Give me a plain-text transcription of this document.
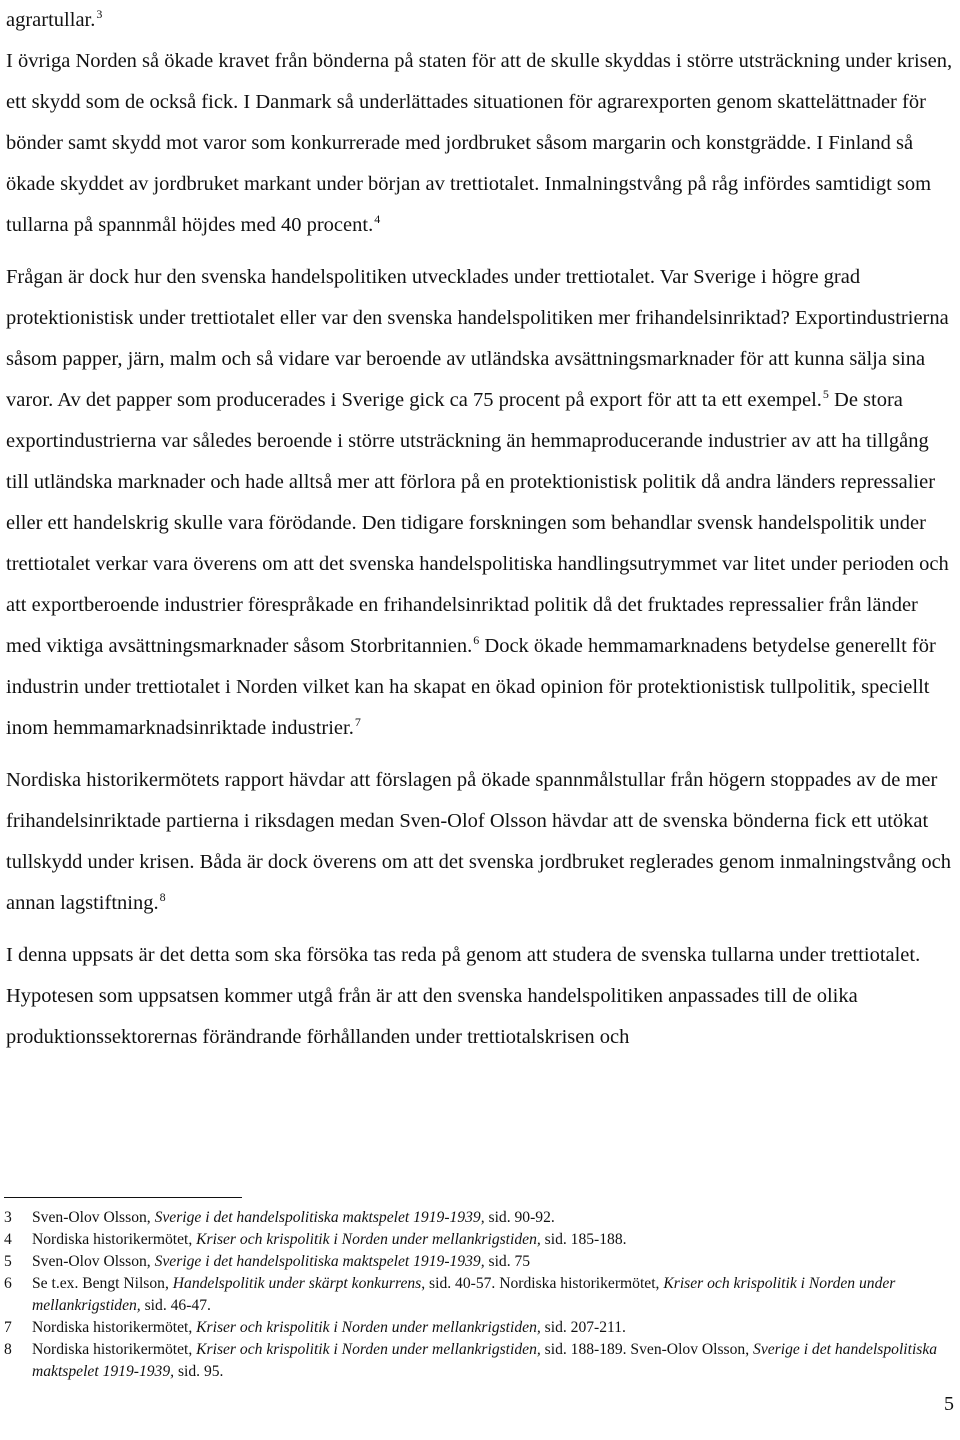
agrartullar.$^3$

I övriga Norden så ökade kravet från bönderna på staten för att de skulle skyddas i större utsträckning under krisen, ett skydd som de också fick. I Danmark så underlättades situationen för agrarexporten genom skattelättnader för bönder samt skydd mot varor som konkurrerade med jordbruket såsom margarin och konstgrädde. I Finland så ökade skyddet av jordbruket markant under början av trettiotalet. Inmalningstvång på råg infördes samtidigt som tullarna på spannmål höjdes med 40 procent.$^4$

Frågan är dock hur den svenska handelspolitiken utvecklades under trettiotalet. Var Sverige i högre grad protektionistisk under trettiotalet eller var den svenska handelspolitiken mer frihandelsinriktad? Exportindustrierna såsom papper, järn, malm och så vidare var beroende av utländska avsättningsmarknader för att kunna sälja sina varor. Av det papper som producerades i Sverige gick ca 75 procent på export för att ta ett exempel.$^5$ De stora exportindustrierna var således beroende i större utsträckning än hemmaproducerande industrier av att ha tillgång till utländska marknader och hade alltså mer att förlora på en protektionistisk politik då andra länders repressalier eller ett handelskrig skulle vara förödande. Den tidigare forskningen som behandlar svensk handelspolitik under trettiotalet verkar vara överens om att det svenska handelspolitiska handlingsutrymmet var litet under perioden och att exportberoende industrier förespråkade en frihandelsinriktad politik då det fruktades repressalier från länder med viktiga avsättningsmarknader såsom Storbritannien.$^6$ Dock ökade hemmamarknadens betydelse generellt för industrin under trettiotalet i Norden vilket kan ha skapat en ökad opinion för protektionistisk tullpolitik, speciellt inom hemmamarknadsinriktade industrier.$^7$

Nordiska historikermötets rapport hävdar att förslagen på ökade spannmålstullar från högern stoppades av de mer frihandelsinriktade partierna i riksdagen medan Sven-Olof Olsson hävdar att de svenska bönderna fick ett utökat tullskydd under krisen. Båda är dock överens om att det svenska jordbruket reglerades genom inmalningstvång och annan lagstiftning.$^8$

I denna uppsats är det detta som ska försöka tas reda på genom att studera de svenska tullarna under trettiotalet. Hypotesen som uppsatsen kommer utgå från är att den svenska handelspolitiken anpassades till de olika produktionssektorernas förändrande förhållanden under trettiotalskrisen och

3 Sven-Olov Olsson, Sverige i det handelspolitiska maktspelet 1919-1939, sid. 90-92.
4 Nordiska historikermötet, Kriser och krispolitik i Norden under mellankrigstiden, sid. 185-188.
5 Sven-Olov Olsson, Sverige i det handelspolitiska maktspelet 1919-1939, sid. 75
6 Se t.ex. Bengt Nilson, Handelspolitik under skärpt konkurrens, sid. 40-57. Nordiska historikermötet, Kriser och krispolitik i Norden under mellankrigstiden, sid. 46-47.
7 Nordiska historikermötet, Kriser och krispolitik i Norden under mellankrigstiden, sid. 207-211.
8 Nordiska historikermötet, Kriser och krispolitik i Norden under mellankrigstiden, sid. 188-189. Sven-Olov Olsson, Sverige i det handelspolitiska maktspelet 1919-1939, sid. 95.
5
